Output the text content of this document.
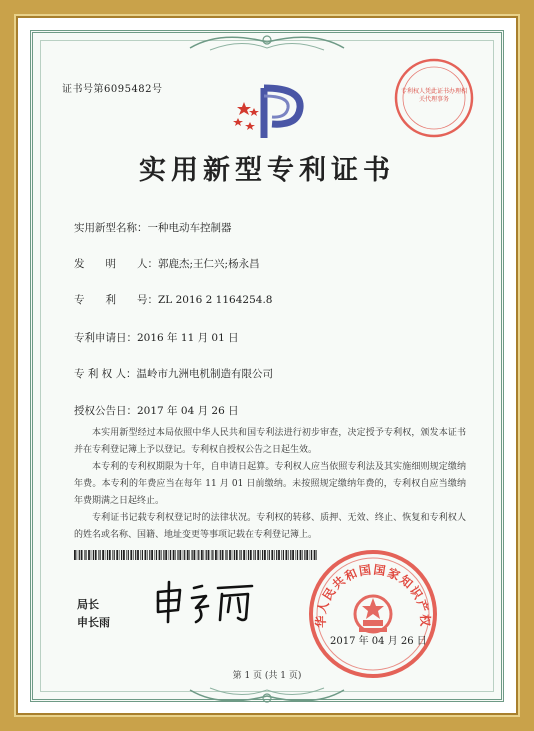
证书号第6095482号
实用新型专利证书
实用新型名称：一种电动车控制器
发　　明　　人：郭鹿杰;王仁兴;杨永昌
专　　利　　号：ZL 2016 2 1164254.8
专利申请日：2016 年 11 月 01 日
专 利 权 人：温岭市九洲电机制造有限公司
授权公告日：2017 年 04 月 26 日

本实用新型经过本局依照中华人民共和国专利法进行初步审查，决定授予专利权，颁发本证书并在专利登记簿上予以登记。专利权自授权公告之日起生效。

本专利的专利权期限为十年，自申请日起算。专利权人应当依照专利法及其实施细则规定缴纳年费。本专利的年费应当在每年 11 月 01 日前缴纳。未按照规定缴纳年费的，专利权自应当缴纳年费期满之日起终止。

专利证书记载专利权登记时的法律状况。专利权的转移、质押、无效、终止、恢复和专利权人的姓名或名称、国籍、地址变更等事项记载在专利登记簿上。

局长
申长雨
专利权人凭此证书办理相关代理事务
华人民共和国国家知识产权
2017 年 04 月 26 日
第 1 页 (共 1 页)
